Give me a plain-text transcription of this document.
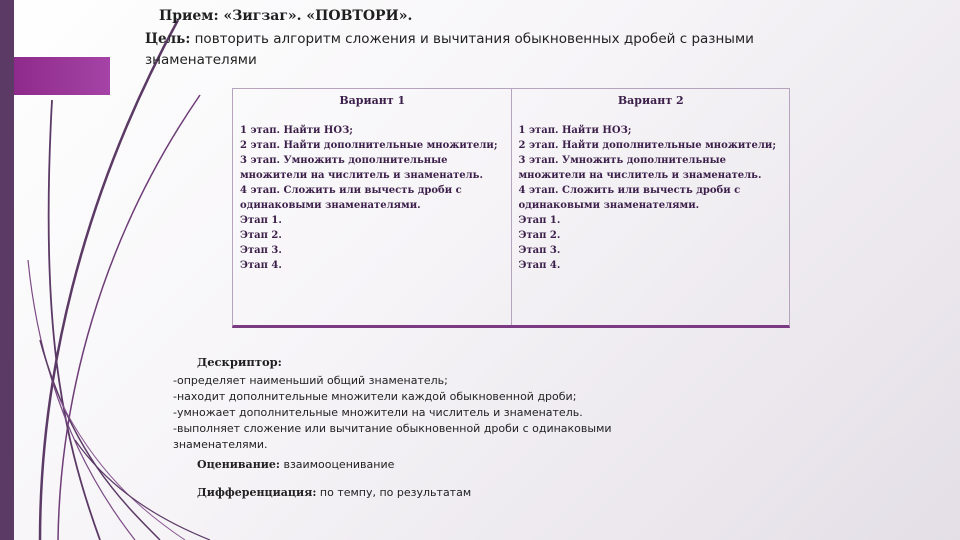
Прием: «Зигзаг». «ПОВТОРИ».

Цель: повторить алгоритм сложения и вычитания обыкновенных дробей с разными знаменателями

Вариант 1
1 этап. Найти НОЗ;
2 этап. Найти дополнительные множители;
3 этап. Умножить дополнительные множители на числитель и знаменатель.
4 этап. Сложить или вычесть дроби с одинаковыми знаменателями.
Этап 1.
Этап 2.
Этап 3.
Этап 4.
Вариант 2
1 этап. Найти НОЗ;
2 этап. Найти дополнительные множители;
3 этап. Умножить дополнительные множители на числитель и знаменатель.
4 этап. Сложить или вычесть дроби с одинаковыми знаменателями.
Этап 1.
Этап 2.
Этап 3.
Этап 4.
Дескриптор:
-определяет наименьший общий знаменатель;
-находит дополнительные множители каждой обыкновенной дроби;
-умножает дополнительные множители на числитель и знаменатель.
-выполняет сложение или вычитание обыкновенной дроби с одинаковыми знаменателями.
Оценивание: взаимооценивание
Дифференциация: по темпу, по результатам
